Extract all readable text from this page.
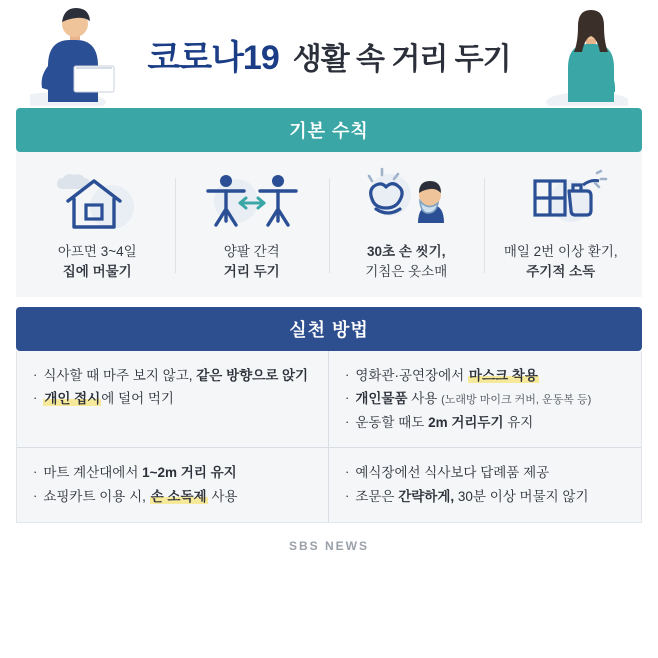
코로나19 생활 속 거리 두기
기본 수칙
아프면 3~4일
집에 머물기
양팔 간격
거리 두기
30초 손 씻기,
기침은 옷소매
매일 2번 이상 환기,
주기적 소독
실천 방법
· 식사할 때 마주 보지 않고, 같은 방향으로 앉기
· 개인 접시에 덜어 먹기
· 영화관·공연장에서 마스크 착용
· 개인물품 사용 (노래방 마이크 커버, 운동복 등)
· 운동할 때도 2m 거리두기 유지
· 마트 계산대에서 1~2m 거리 유지
· 쇼핑카트 이용 시, 손 소독제 사용
· 예식장에선 식사보다 답례품 제공
· 조문은 간략하게, 30분 이상 머물지 않기
SBS NEWS
